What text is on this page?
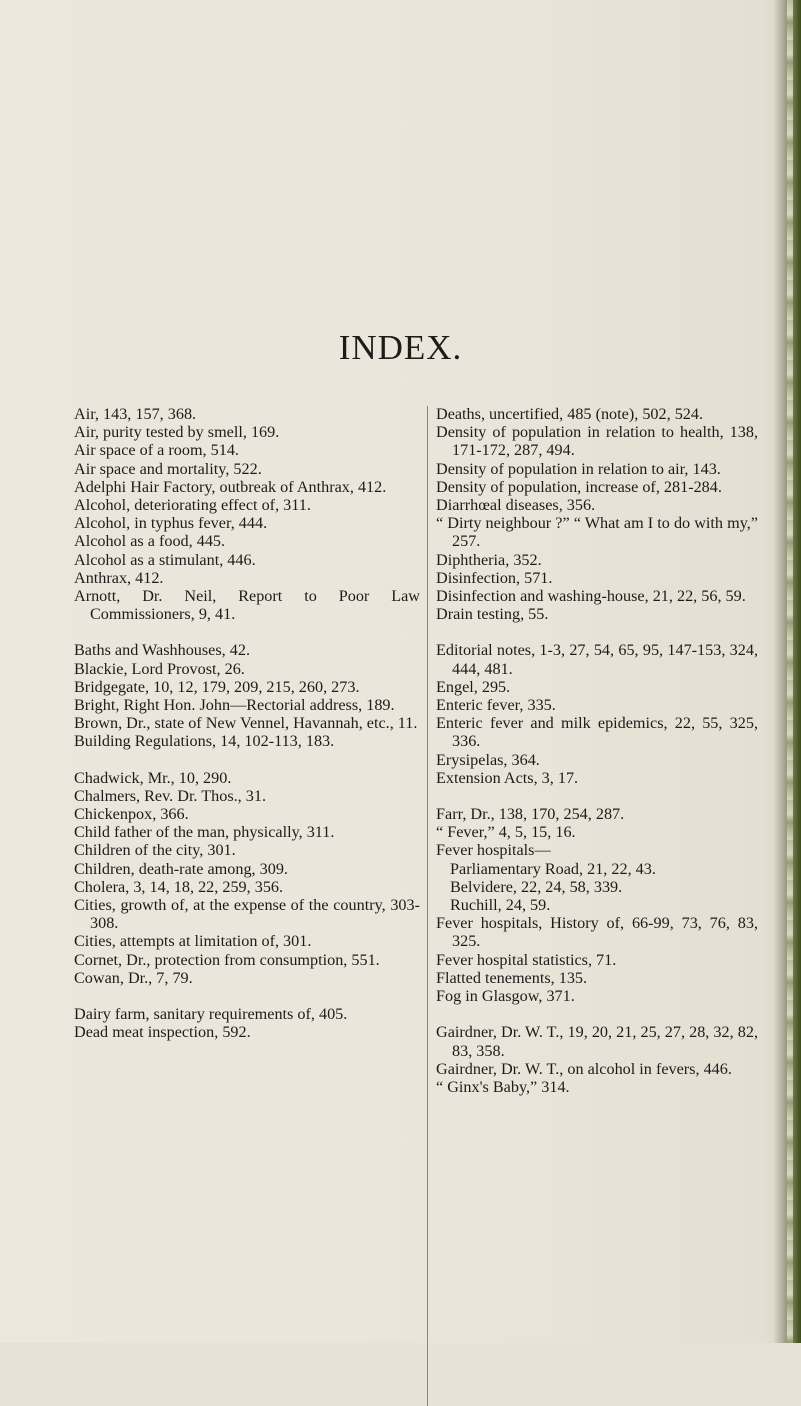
INDEX.

Air, 143, 157, 368.

Air, purity tested by smell, 169.

Air space of a room, 514.

Air space and mortality, 522.

Adelphi Hair Factory, outbreak of Anthrax, 412.

Alcohol, deteriorating effect of, 311.

Alcohol, in typhus fever, 444.

Alcohol as a food, 445.

Alcohol as a stimulant, 446.

Anthrax, 412.

Arnott, Dr. Neil, Report to Poor Law Commissioners, 9, 41.

Baths and Washhouses, 42.

Blackie, Lord Provost, 26.

Bridgegate, 10, 12, 179, 209, 215, 260, 273.

Bright, Right Hon. John—Rectorial address, 189.

Brown, Dr., state of New Vennel, Havannah, etc., 11.

Building Regulations, 14, 102-113, 183.

Chadwick, Mr., 10, 290.

Chalmers, Rev. Dr. Thos., 31.

Chickenpox, 366.

Child father of the man, physically, 311.

Children of the city, 301.

Children, death-rate among, 309.

Cholera, 3, 14, 18, 22, 259, 356.

Cities, growth of, at the expense of the country, 303-308.

Cities, attempts at limitation of, 301.

Cornet, Dr., protection from consumption, 551.

Cowan, Dr., 7, 79.

Dairy farm, sanitary requirements of, 405.

Dead meat inspection, 592.

Deaths, uncertified, 485 (note), 502, 524.

Density of population in relation to health, 138, 171-172, 287, 494.

Density of population in relation to air, 143.

Density of population, increase of, 281-284.

Diarrhœal diseases, 356.

“ Dirty neighbour ?” “ What am I to do with my,” 257.

Diphtheria, 352.

Disinfection, 571.

Disinfection and washing-house, 21, 22, 56, 59.

Drain testing, 55.

Editorial notes, 1-3, 27, 54, 65, 95, 147-153, 324, 444, 481.

Engel, 295.

Enteric fever, 335.

Enteric fever and milk epidemics, 22, 55, 325, 336.

Erysipelas, 364.

Extension Acts, 3, 17.

Farr, Dr., 138, 170, 254, 287.

“ Fever,” 4, 5, 15, 16.

Fever hospitals—

Parliamentary Road, 21, 22, 43.

Belvidere, 22, 24, 58, 339.

Ruchill, 24, 59.

Fever hospitals, History of, 66-99, 73, 76, 83, 325.

Fever hospital statistics, 71.

Flatted tenements, 135.

Fog in Glasgow, 371.

Gairdner, Dr. W. T., 19, 20, 21, 25, 27, 28, 32, 82, 83, 358.

Gairdner, Dr. W. T., on alcohol in fevers, 446.

“ Ginx's Baby,” 314.
